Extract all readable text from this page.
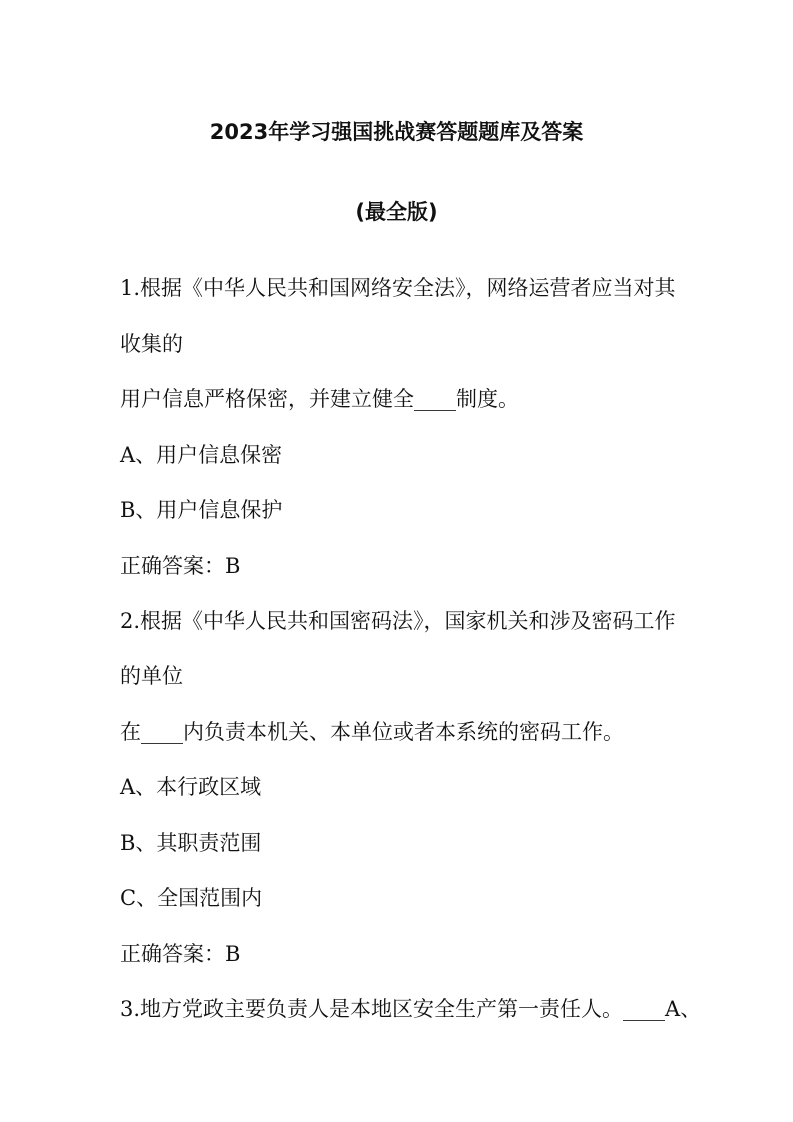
2023年学习强国挑战赛答题题库及答案
(最全版)

1.根据《中华人民共和国网络安全法》，网络运营者应当对其

收集的

用户信息严格保密，并建立健全____制度。

A、用户信息保密

B、用户信息保护

正确答案：B

2.根据《中华人民共和国密码法》，国家机关和涉及密码工作

的单位

在____内负责本机关、本单位或者本系统的密码工作。

A、本行政区域

B、其职责范围

C、全国范围内

正确答案：B

3.地方党政主要负责人是本地区安全生产第一责任人。____A、
